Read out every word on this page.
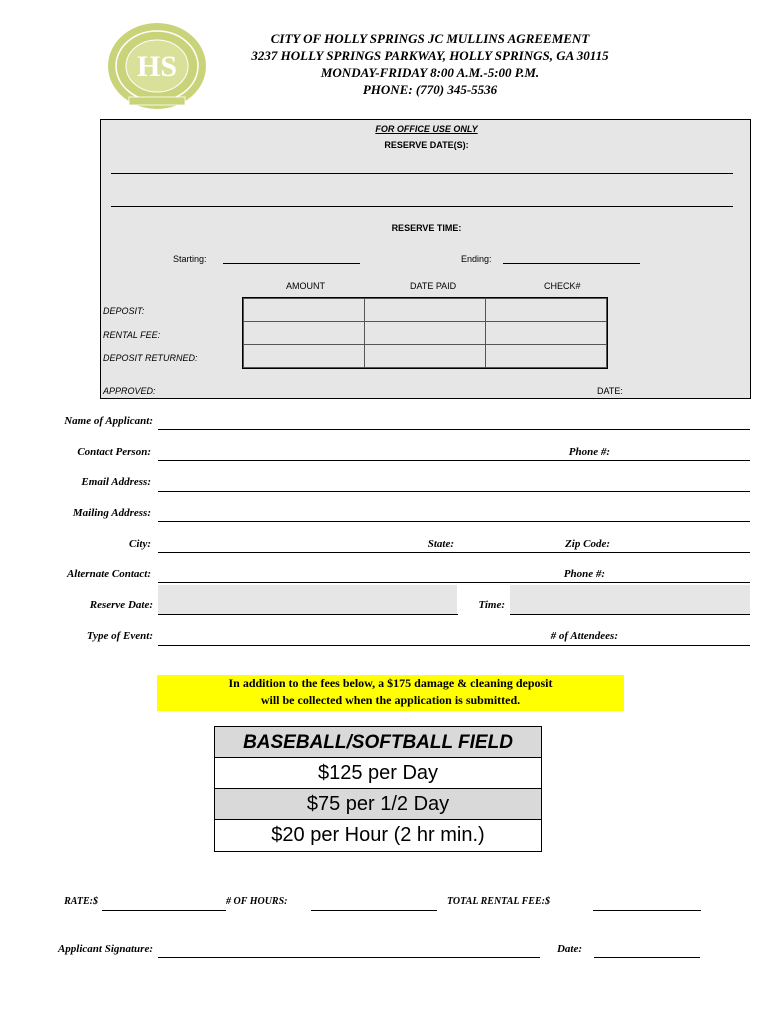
HS
CITY OF HOLLY SPRINGS JC MULLINS AGREEMENT
3237 HOLLY SPRINGS PARKWAY, HOLLY SPRINGS, GA 30115
MONDAY-FRIDAY 8:00 A.M.-5:00 P.M.
PHONE: (770) 345-5536
FOR OFFICE USE ONLY
RESERVE DATE(S):
RESERVE TIME:
Starting:	Ending:
AMOUNT	DATE PAID	CHECK#

DEPOSIT:
RENTAL FEE:
DEPOSIT RETURNED:
APPROVED:	DATE:
Name of Applicant:
Contact Person:	Phone #:
Email Address:
Mailing Address:
City:	State:	Zip Code:
Alternate Contact:	Phone #:
Reserve Date:	Time:
Type of Event:	# of Attendees:
In addition to the fees below, a $175 damage & cleaning deposit
will be collected when the application is submitted.
BASEBALL/SOFTBALL FIELD
$125 per Day
$75 per 1/2 Day
$20 per Hour (2 hr min.)
RATE:$	# OF HOURS:	TOTAL RENTAL FEE:$
Applicant Signature:	Date:
